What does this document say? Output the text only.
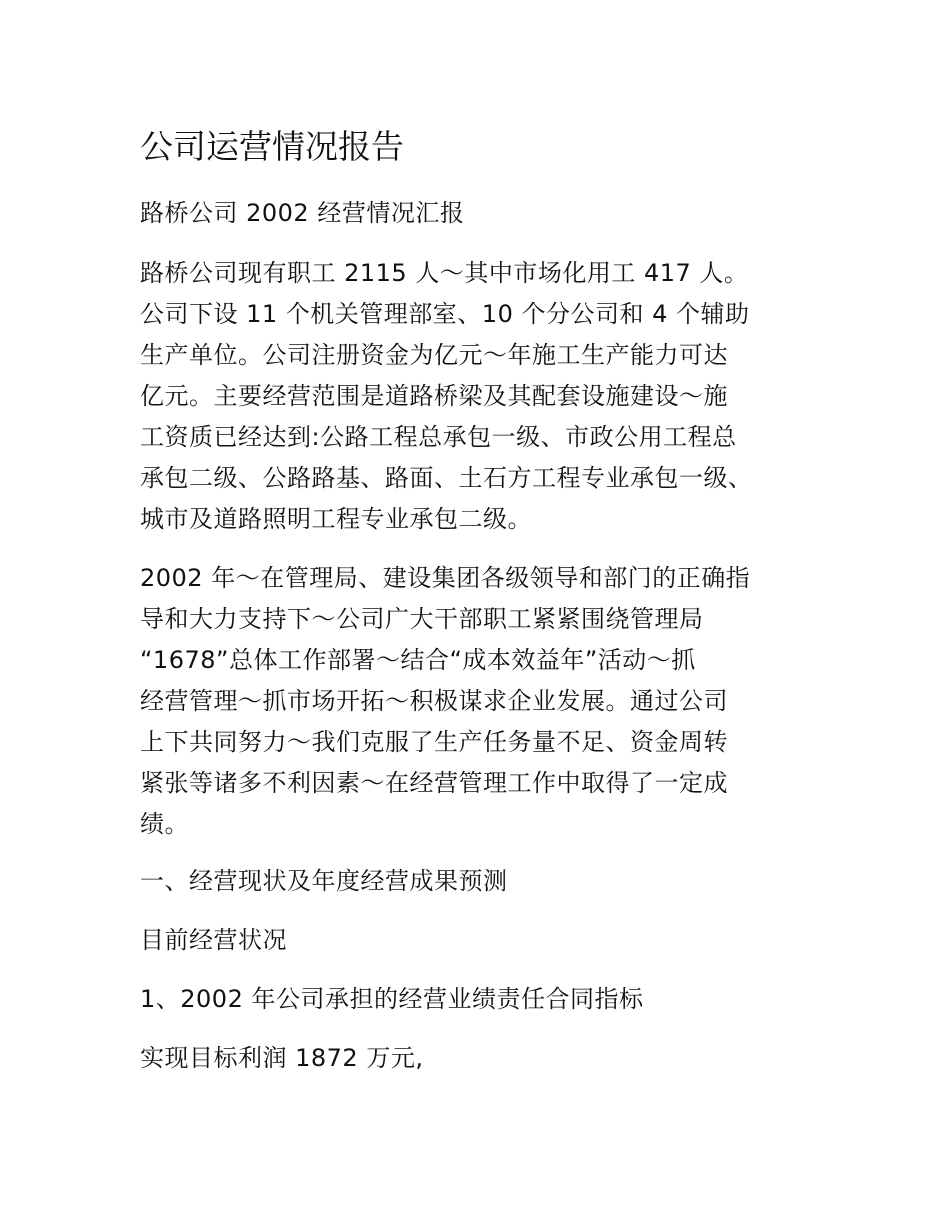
公司运营情况报告
路桥公司 2002 经营情况汇报
路桥公司现有职工 2115 人～其中市场化用工 417 人。
公司下设 11 个机关管理部室、10 个分公司和 4 个辅助
生产单位。公司注册资金为亿元～年施工生产能力可达
亿元。主要经营范围是道路桥梁及其配套设施建设～施
工资质已经达到:公路工程总承包一级、市政公用工程总
承包二级、公路路基、路面、土石方工程专业承包一级、
城市及道路照明工程专业承包二级。
2002 年～在管理局、建设集团各级领导和部门的正确指
导和大力支持下～公司广大干部职工紧紧围绕管理局
“1678”总体工作部署～结合“成本效益年”活动～抓
经营管理～抓市场开拓～积极谋求企业发展。通过公司
上下共同努力～我们克服了生产任务量不足、资金周转
紧张等诸多不利因素～在经营管理工作中取得了一定成
绩。
一、经营现状及年度经营成果预测
目前经营状况
1、2002 年公司承担的经营业绩责任合同指标
实现目标利润 1872 万元,
